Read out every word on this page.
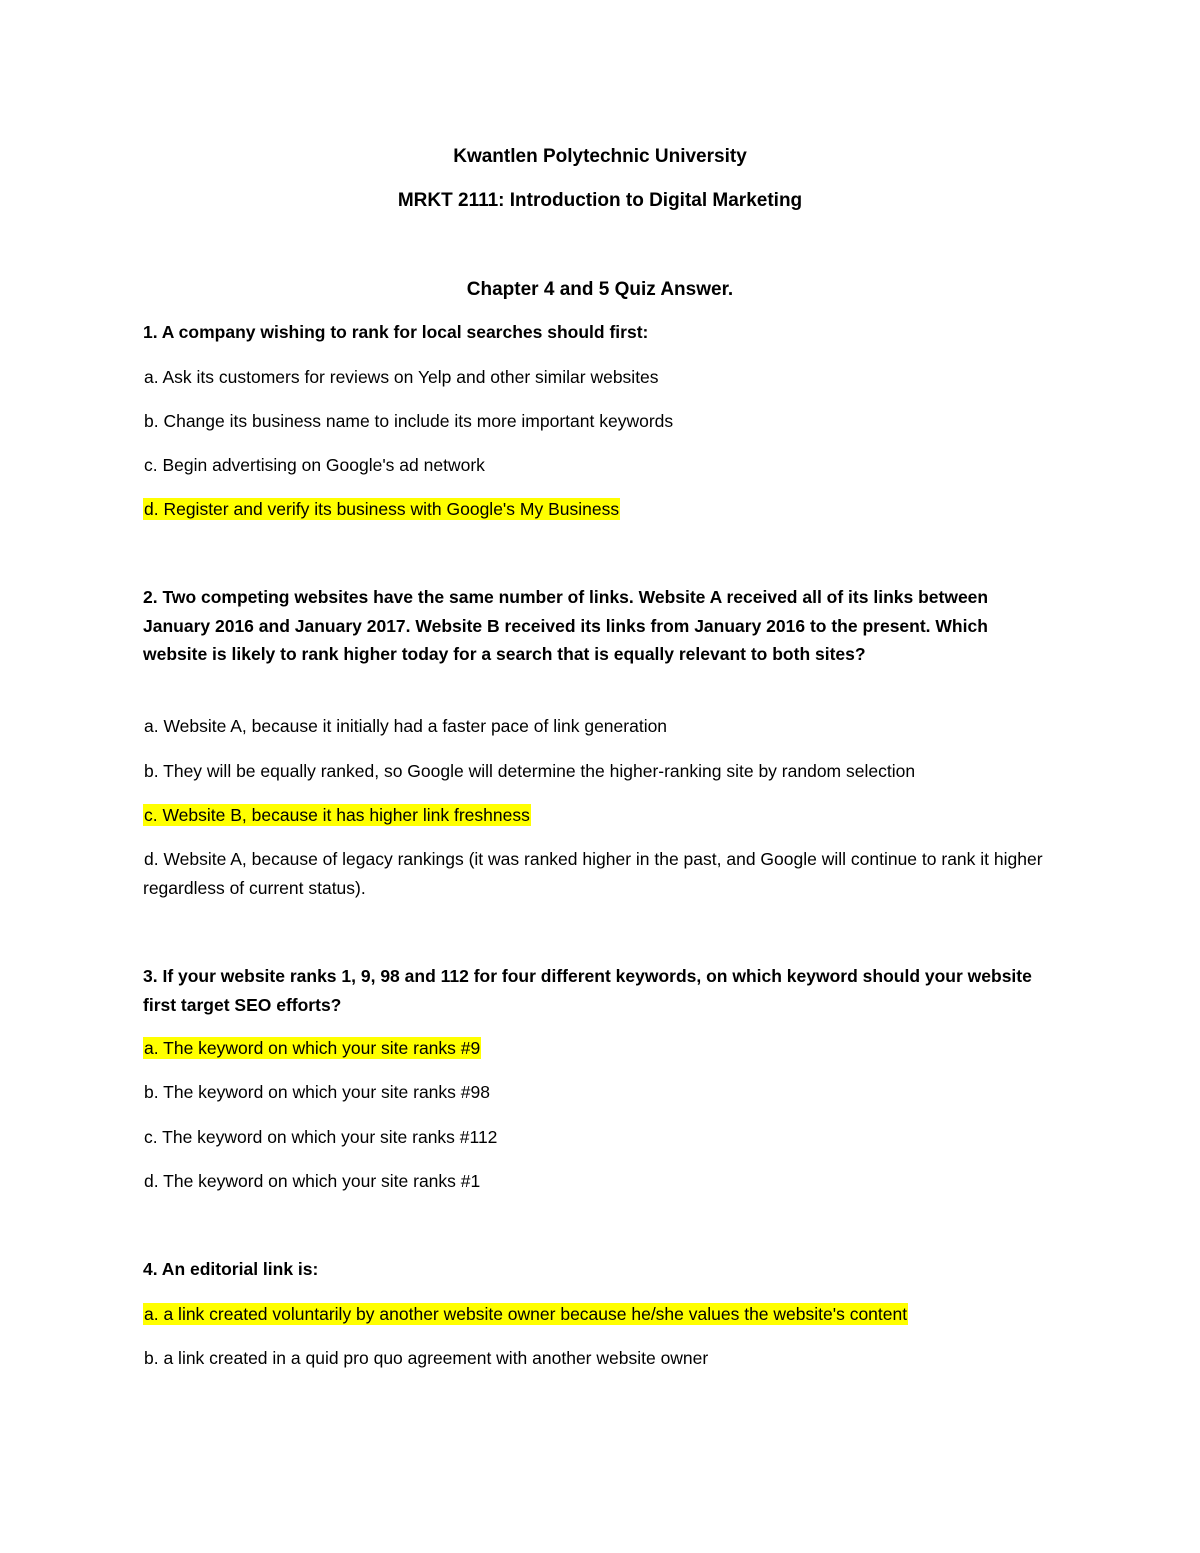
Kwantlen Polytechnic University
MRKT 2111: Introduction to Digital Marketing
Chapter 4 and 5 Quiz Answer.
1. A company wishing to rank for local searches should first:
a. Ask its customers for reviews on Yelp and other similar websites
b. Change its business name to include its more important keywords
c. Begin advertising on Google's ad network
d. Register and verify its business with Google's My Business
2. Two competing websites have the same number of links. Website A received all of its links between January 2016 and January 2017. Website B received its links from January 2016 to the present. Which website is likely to rank higher today for a search that is equally relevant to both sites?
a. Website A, because it initially had a faster pace of link generation
b. They will be equally ranked, so Google will determine the higher-ranking site by random selection
c. Website B, because it has higher link freshness
d. Website A, because of legacy rankings (it was ranked higher in the past, and Google will continue to rank it higher regardless of current status).
3. If your website ranks 1, 9, 98 and 112 for four different keywords, on which keyword should your website first target SEO efforts?
a. The keyword on which your site ranks #9
b. The keyword on which your site ranks #98
c. The keyword on which your site ranks #112
d. The keyword on which your site ranks #1
4. An editorial link is:
a. a link created voluntarily by another website owner because he/she values the website's content
b. a link created in a quid pro quo agreement with another website owner
